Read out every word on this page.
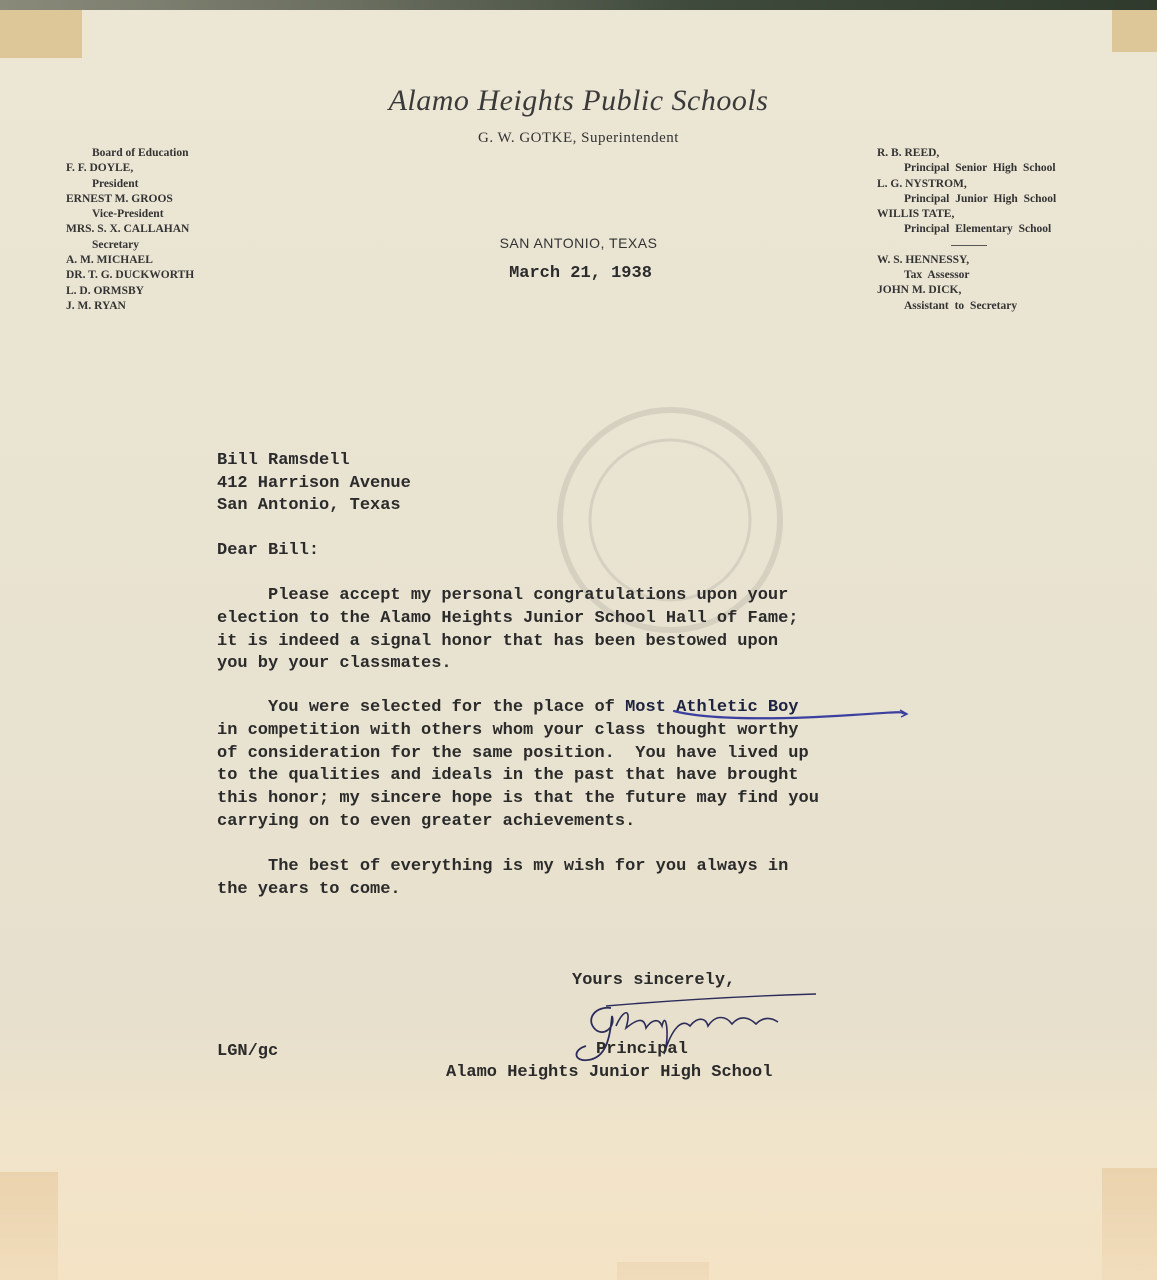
Alamo Heights Public Schools
G. W. GOTKE, Superintendent
SAN ANTONIO, TEXAS
Board of Education
F. F. DOYLE,
President
ERNEST M. GROOS
Vice-President
MRS. S. X. CALLAHAN
Secretary
A. M. MICHAEL
DR. T. G. DUCKWORTH
L. D. ORMSBY
J. M. RYAN
R. B. REED,
Principal Senior High School
L. G. NYSTROM,
Principal Junior High School
WILLIS TATE,
Principal Elementary School
W. S. HENNESSY,
Tax Assessor
JOHN M. DICK,
Assistant to Secretary
March 21, 1938
Bill Ramsdell
412 Harrison Avenue
San Antonio, Texas
Dear Bill:
Please accept my personal congratulations upon your
election to the Alamo Heights Junior School Hall of Fame;
it is indeed a signal honor that has been bestowed upon
you by your classmates.
You were selected for the place of Most Athletic Boy
in competition with others whom your class thought worthy
of consideration for the same position.  You have lived up
to the qualities and ideals in the past that have brought
this honor; my sincere hope is that the future may find you
carrying on to even greater achievements.
The best of everything is my wish for you always in
the years to come.
Yours sincerely,
Principal
Alamo Heights Junior High School
LGN/gc
